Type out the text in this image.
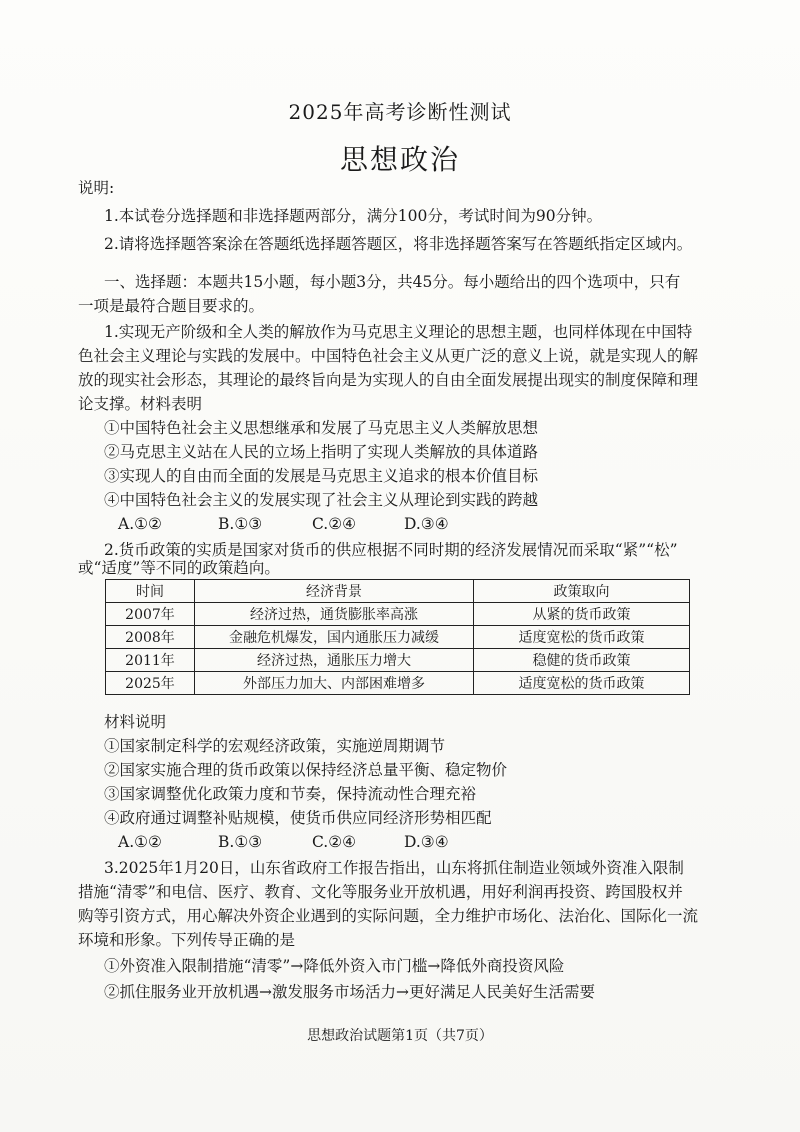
2025年高考诊断性测试
思想政治
说明:
1.本试卷分选择题和非选择题两部分，满分100分，考试时间为90分钟。
2.请将选择题答案涂在答题纸选择题答题区，将非选择题答案写在答题纸指定区域内。
一、选择题：本题共15小题，每小题3分，共45分。每小题给出的四个选项中，只有
一项是最符合题目要求的。
1.实现无产阶级和全人类的解放作为马克思主义理论的思想主题，也同样体现在中国特
色社会主义理论与实践的发展中。中国特色社会主义从更广泛的意义上说，就是实现人的解
放的现实社会形态，其理论的最终旨向是为实现人的自由全面发展提出现实的制度保障和理
论支撑。材料表明
①中国特色社会主义思想继承和发展了马克思主义人类解放思想
②马克思主义站在人民的立场上指明了实现人类解放的具体道路
③实现人的自由而全面的发展是马克思主义追求的根本价值目标
④中国特色社会主义的发展实现了社会主义从理论到实践的跨越
A.①②	B.①③	C.②④	D.③④
2.货币政策的实质是国家对货币的供应根据不同时期的经济发展情况而采取“紧”“松”
或“适度”等不同的政策趋向。
时间	经济背景	政策取向
2007年	经济过热，通货膨胀率高涨	从紧的货币政策
2008年	金融危机爆发，国内通胀压力减缓	适度宽松的货币政策
2011年	经济过热，通胀压力增大	稳健的货币政策
2025年	外部压力加大、内部困难增多	适度宽松的货币政策
材料说明
①国家制定科学的宏观经济政策，实施逆周期调节
②国家实施合理的货币政策以保持经济总量平衡、稳定物价
③国家调整优化政策力度和节奏，保持流动性合理充裕
④政府通过调整补贴规模，使货币供应同经济形势相匹配
A.①②	B.①③	C.②④	D.③④
3.2025年1月20日，山东省政府工作报告指出，山东将抓住制造业领域外资准入限制
措施“清零”和电信、医疗、教育、文化等服务业开放机遇，用好利润再投资、跨国股权并
购等引资方式，用心解决外资企业遇到的实际问题，全力维护市场化、法治化、国际化一流
环境和形象。下列传导正确的是
①外资准入限制措施“清零”→降低外资入市门槛→降低外商投资风险
②抓住服务业开放机遇→激发服务市场活力→更好满足人民美好生活需要
思想政治试题第1页（共7页）
